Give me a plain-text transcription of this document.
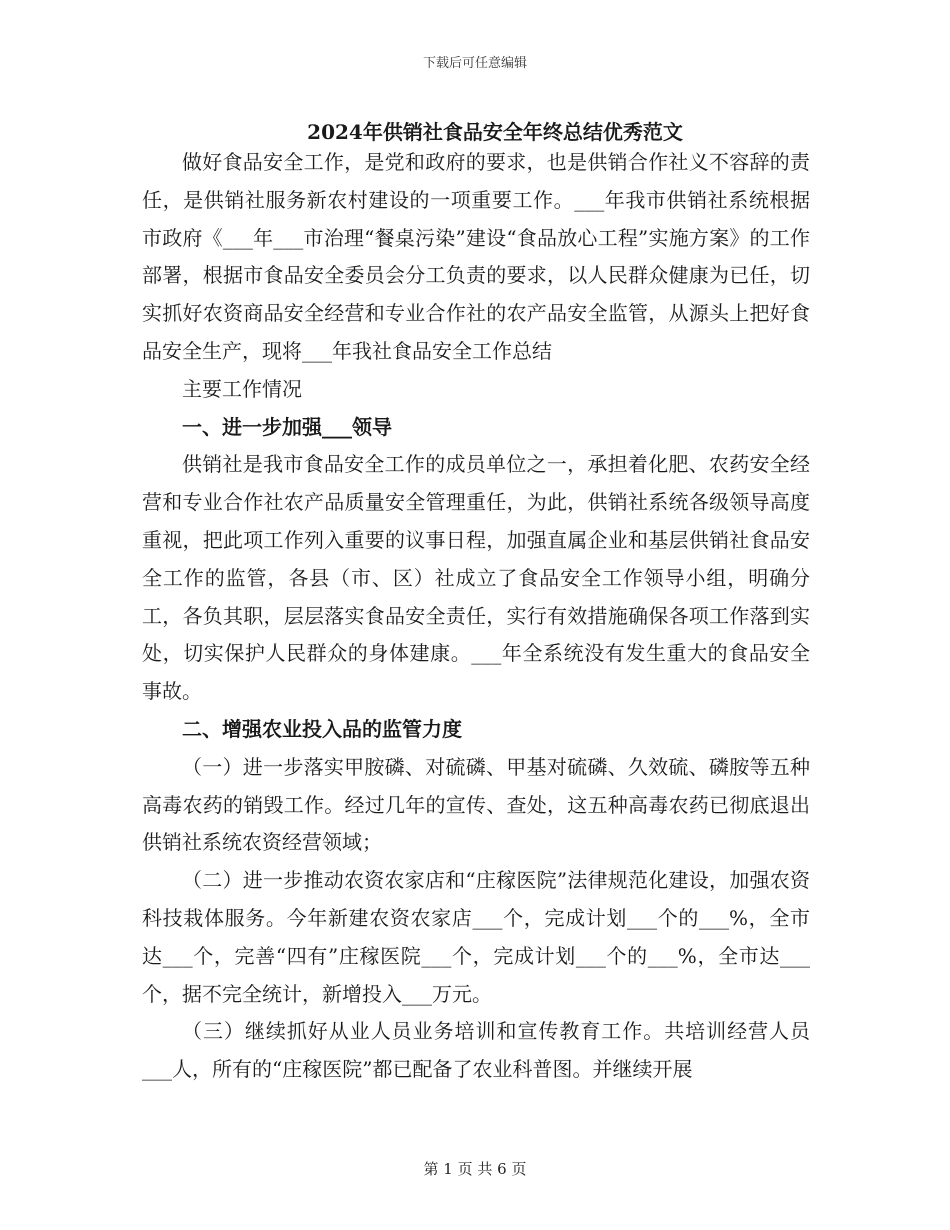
下载后可任意编辑
2024年供销社食品安全年终总结优秀范文

做好食品安全工作，是党和政府的要求，也是供销合作社义不容辞的责任，是供销社服务新农村建设的一项重要工作。___年我市供销社系统根据市政府《___年___市治理“餐桌污染”建设“食品放心工程”实施方案》的工作部署，根据市食品安全委员会分工负责的要求，以人民群众健康为已任，切实抓好农资商品安全经营和专业合作社的农产品安全监管，从源头上把好食品安全生产，现将___年我社食品安全工作总结

主要工作情况

一、进一步加强___领导

供销社是我市食品安全工作的成员单位之一，承担着化肥、农药安全经营和专业合作社农产品质量安全管理重任，为此，供销社系统各级领导高度重视，把此项工作列入重要的议事日程，加强直属企业和基层供销社食品安全工作的监管，各县（市、区）社成立了食品安全工作领导小组，明确分工，各负其职，层层落实食品安全责任，实行有效措施确保各项工作落到实处，切实保护人民群众的身体建康。___年全系统没有发生重大的食品安全事故。

二、增强农业投入品的监管力度

（一）进一步落实甲胺磷、对硫磷、甲基对硫磷、久效硫、磷胺等五种高毒农药的销毁工作。经过几年的宣传、查处，这五种高毒农药已彻底退出供销社系统农资经营领域；

（二）进一步推动农资农家店和“庄稼医院”法律规范化建设，加强农资科技栽体服务。今年新建农资农家店___个，完成计划___个的___%，全市达___个，完善“四有”庄稼医院___个，完成计划___个的___%，全市达___个，据不完全统计，新增投入___万元。

（三）继续抓好从业人员业务培训和宣传教育工作。共培训经营人员___人，所有的“庄稼医院”都已配备了农业科普图。并继续开展

第 1 页 共 6 页
